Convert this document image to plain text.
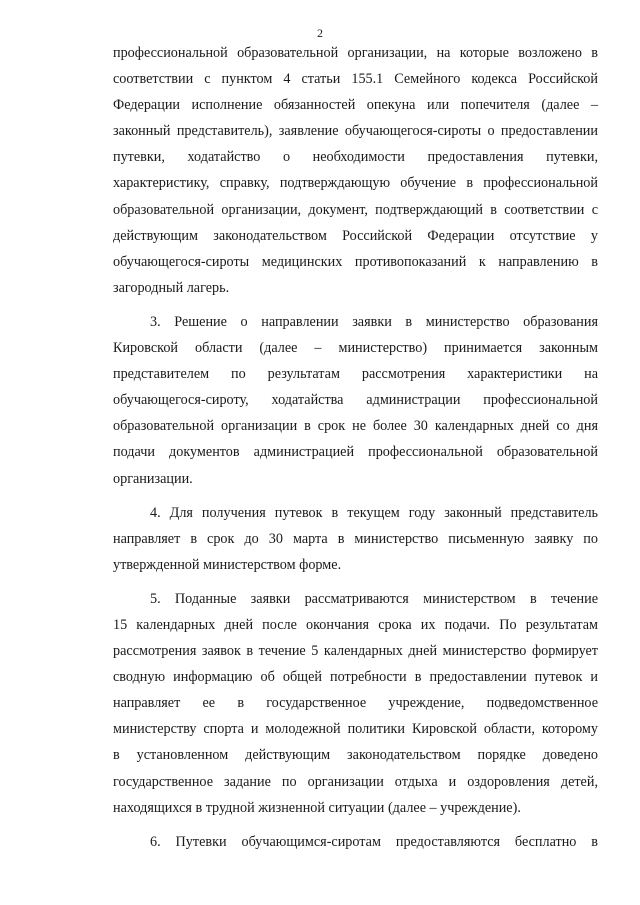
2
профессиональной образовательной организации, на которые возложено в
соответствии с пунктом 4 статьи 155.1 Семейного кодекса Российской
Федерации исполнение обязанностей опекуна или попечителя (далее –
законный представитель), заявление обучающегося-сироты о предоставлении
путевки, ходатайство о необходимости предоставления путевки,
характеристику, справку, подтверждающую обучение в профессиональной
образовательной организации, документ, подтверждающий в соответствии с
действующим законодательством Российской Федерации отсутствие у
обучающегося-сироты медицинских противопоказаний к направлению в
загородный лагерь.
3. Решение о направлении заявки в министерство образования
Кировской области (далее – министерство) принимается законным
представителем по результатам рассмотрения характеристики на
обучающегося-сироту, ходатайства администрации профессиональной
образовательной организации в срок не более 30 календарных дней со дня
подачи документов администрацией профессиональной образовательной
организации.
4. Для получения путевок в текущем году законный представитель
направляет в срок до 30 марта в министерство письменную заявку по
утвержденной министерством форме.
5. Поданные заявки рассматриваются министерством в течение
15 календарных дней после окончания срока их подачи. По результатам
рассмотрения заявок в течение 5 календарных дней министерство формирует
сводную информацию об общей потребности в предоставлении путевок и
направляет ее в государственное учреждение, подведомственное
министерству спорта и молодежной политики Кировской области, которому
в установленном действующим законодательством порядке доведено
государственное задание по организации отдыха и оздоровления детей,
находящихся в трудной жизненной ситуации (далее – учреждение).
6. Путевки обучающимся-сиротам предоставляются бесплатно в
